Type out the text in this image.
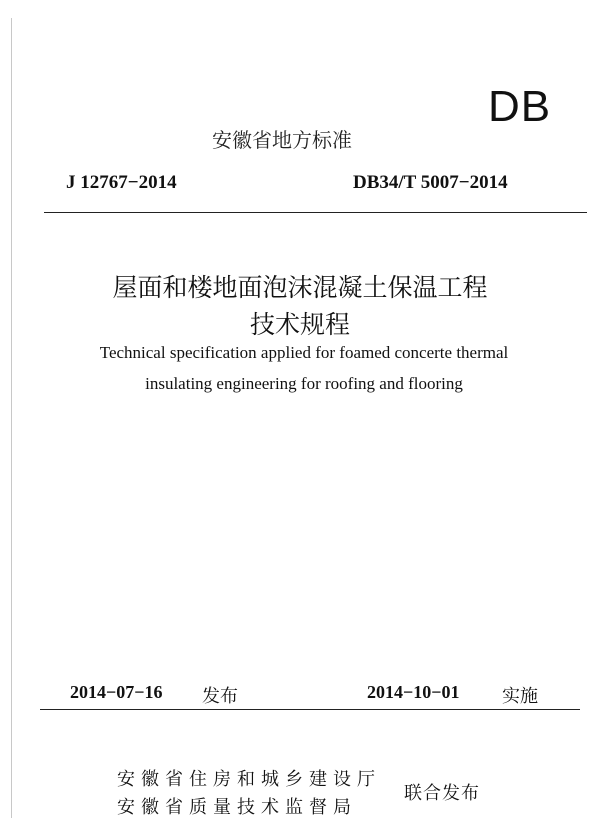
DB
安徽省地方标准
J 12767−2014	DB34/T 5007−2014
屋面和楼地面泡沫混凝土保温工程
技术规程
Technical specification applied for foamed concerte thermal
insulating engineering for roofing and flooring
2014−07−16 发布	2014−10−01 实施
安徽省住房和城乡建设厅
安徽省质量技术监督局
联合发布
